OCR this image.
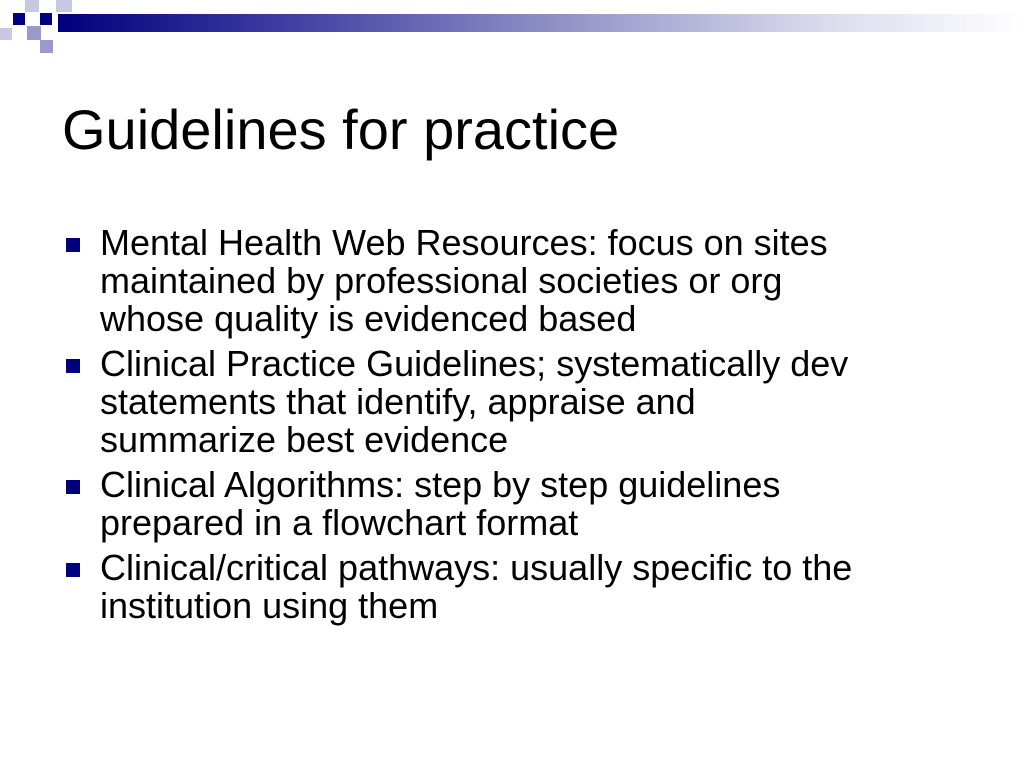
Guidelines for practice
Mental Health Web Resources: focus on sites
maintained by professional societies or org
whose quality is evidenced based
Clinical Practice Guidelines; systematically dev
statements that identify, appraise and
summarize best evidence
Clinical Algorithms: step by step guidelines
prepared in a flowchart format
Clinical/critical pathways: usually specific to the
institution using them
